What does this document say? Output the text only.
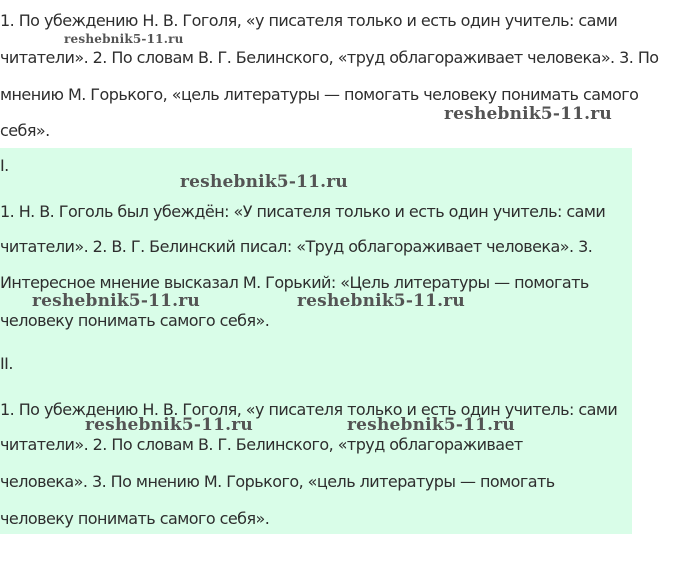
1. По убеждению Н. В. Гоголя, «у писателя только и есть один учитель: сами
читатели». 2. По словам В. Г. Белинского, «труд облагораживает человека». 3. По
мнению М. Горького, «цель литературы — помогать человеку понимать самого
себя».
I.
1. Н. В. Гоголь был убеждён: «У писателя только и есть один учитель: сами
читатели». 2. В. Г. Белинский писал: «Труд облагораживает человека». 3.
Интересное мнение высказал М. Горький: «Цель литературы — помогать
человеку понимать самого себя».
II.
1. По убеждению Н. В. Гоголя, «у писателя только и есть один учитель: сами
читатели». 2. По словам В. Г. Белинского, «труд облагораживает
человека». 3. По мнению М. Горького, «цель литературы — помогать
человеку понимать самого себя».
reshebnik5-11.ru
reshebnik5-11.ru
reshebnik5-11.ru
reshebnik5-11.ru	reshebnik5-11.ru
reshebnik5-11.ru	reshebnik5-11.ru
